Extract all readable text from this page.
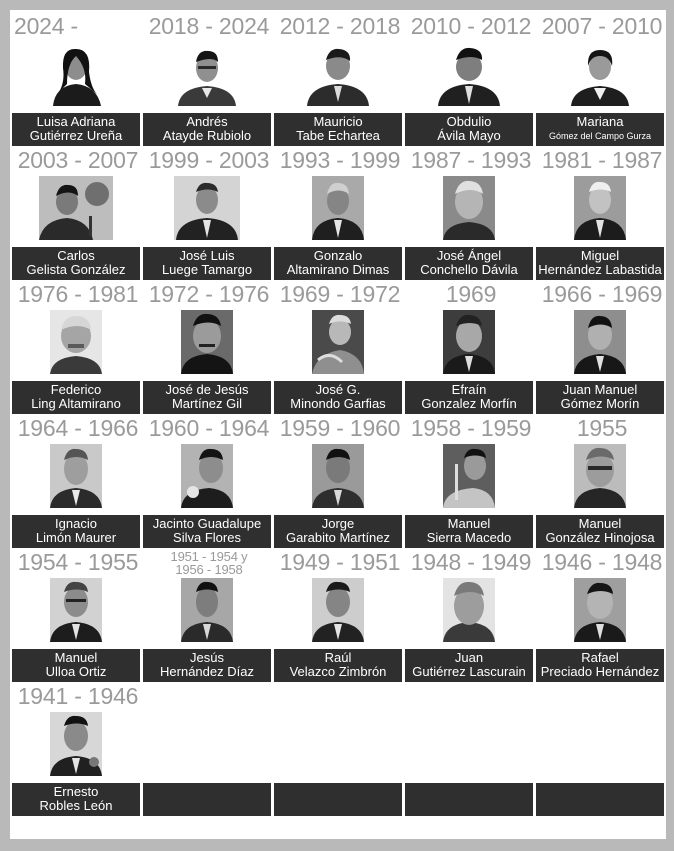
2024 -
Luisa Adriana
Gutiérrez Ureña
2018 - 2024
Andrés
Atayde Rubiolo
2012 - 2018
Mauricio
Tabe Echartea
2010 - 2012
Obdulio
Ávila Mayo
2007 - 2010
Mariana
Gómez del Campo Gurza
2003 - 2007
Carlos
Gelista González
1999 - 2003
José Luis
Luege Tamargo
1993 - 1999
Gonzalo
Altamirano Dimas
1987 - 1993
José Ángel
Conchello Dávila
1981 - 1987
Miguel
Hernández Labastida
1976 - 1981
Federico
Ling Altamirano
1972 - 1976
José de Jesús
Martínez Gil
1969 - 1972
José G.
Minondo Garfias
1969
Efraín
Gonzalez Morfín
1966 - 1969
Juan Manuel
Gómez Morín
1964 - 1966
Ignacio
Limón Maurer
1960 - 1964
Jacinto Guadalupe
Silva Flores
1959 - 1960
Jorge
Garabito Martínez
1958 - 1959
Manuel
Sierra Macedo
1955
Manuel
González Hinojosa
1954 - 1955
Manuel
Ulloa Ortiz
1951 - 1954 y
1956 - 1958
Jesús
Hernández Díaz
1949 - 1951
Raúl
Velazco Zimbrón
1948 - 1949
Juan
Gutiérrez Lascurain
1946 - 1948
Rafael
Preciado Hernández
1941 - 1946
Ernesto
Robles León
